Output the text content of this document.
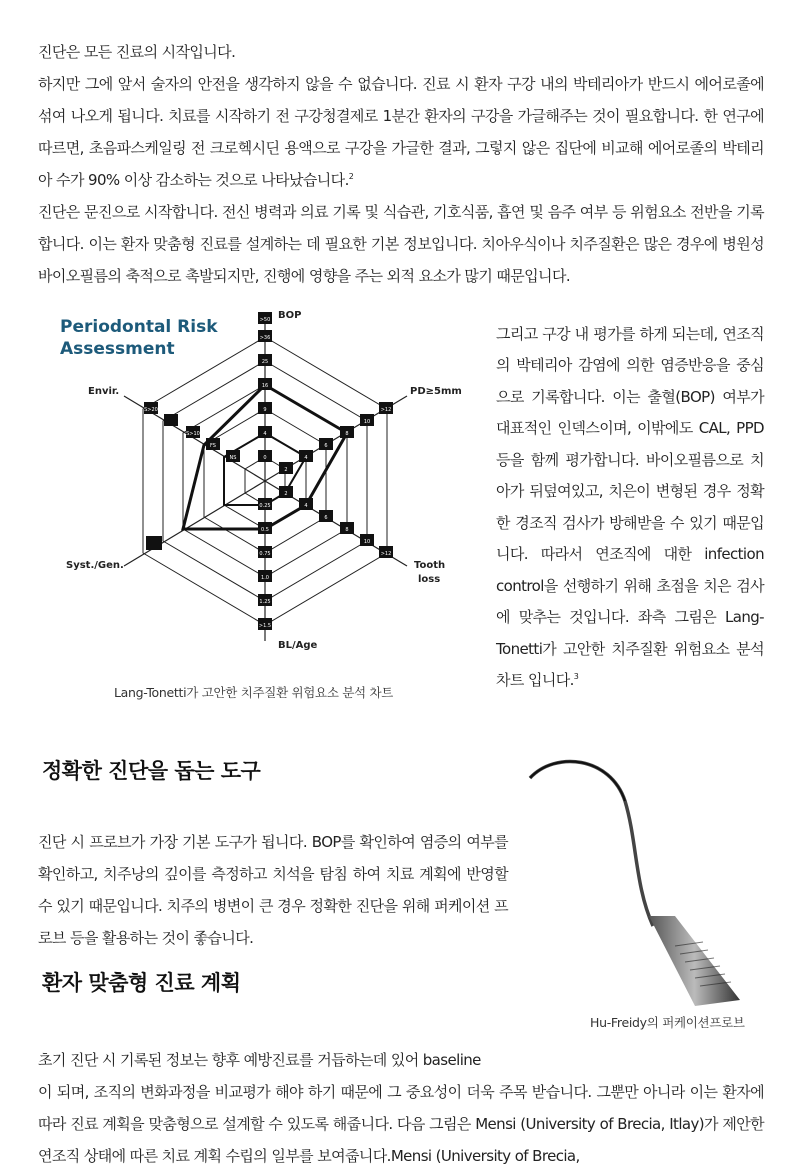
진단은 모든 진료의 시작입니다.

하지만 그에 앞서 술자의 안전을 생각하지 않을 수 없습니다. 진료 시 환자 구강 내의 박테리아가 반드시 에어로졸에 섞여 나오게 됩니다. 치료를 시작하기 전 구강청결제로 1분간 환자의 구강을 가글해주는 것이 필요합니다. 한 연구에 따르면, 초음파스케일링 전 크로헥시딘 용액으로 구강을 가글한 결과, 그렇지 않은 집단에 비교해 에어로졸의 박테리아 수가 90% 이상 감소하는 것으로 나타났습니다.$^2$

진단은 문진으로 시작합니다. 전신 병력과 의료 기록 및 식습관, 기호식품, 흡연 및 음주 여부 등 위험요소 전반을 기록합니다. 이는 환자 맞춤형 진료를 설계하는 데 필요한 기본 정보입니다. 치아우식이나 치주질환은 많은 경우에 병원성 바이오필름의 축적으로 촉발되지만, 진행에 영향을 주는 외적 요소가 많기 때문입니다.

Periodontal Risk
Assessment
>50
>36
25
16
9
4
0
0.25
0.5
0.75
1.0
1.25
>1.5
2
4
6
8
10
>12
2
4
6
8
10
>12
NS
FS
S>10
S>20
BOP
PD≥5mm
Tooth
loss
BL/Age
Syst./Gen.
Envir.
Lang-Tonetti가 고안한 치주질환 위험요소 분석 차트

그리고 구강 내 평가를 하게 되는데, 연조직의 박테리아 감염에 의한 염증반응을 중심으로 기록합니다. 이는 출혈(BOP) 여부가 대표적인 인덱스이며, 이밖에도 CAL, PPD 등을 함께 평가합니다. 바이오필름으로 치아가 뒤덮여있고, 치은이 변형된 경우 정확한 경조직 검사가 방해받을 수 있기 때문입니다. 따라서 연조직에 대한 infection control을 선행하기 위해 초점을 치은 검사에 맞추는 것입니다. 좌측 그림은 Lang-Tonetti가 고안한 치주질환 위험요소 분석 차트 입니다.$^3$

정확한 진단을 돕는 도구

진단 시 프로브가 가장 기본 도구가 됩니다. BOP를 확인하여 염증의 여부를 확인하고, 치주낭의 깊이를 측정하고 치석을 탐침 하여 치료 계획에 반영할 수 있기 때문입니다. 치주의 병변이 큰 경우 정확한 진단을 위해 퍼케이션 프로브 등을 활용하는 것이 좋습니다.

Hu-Freidy의 퍼케이션프로브
환자 맞춤형 진료 계획

초기 진단 시 기록된 정보는 향후 예방진료를 거듭하는데 있어 baseline

이 되며, 조직의 변화과정을 비교평가 해야 하기 때문에 그 중요성이 더욱 주목 받습니다. 그뿐만 아니라 이는 환자에 따라 진료 계획을 맞춤형으로 설계할 수 있도록 해줍니다. 다음 그림은 Mensi (University of Brecia, Itlay)가 제안한 연조직 상태에 따른 치료 계획 수립의 일부를 보여줍니다.Mensi (University of Brecia,
